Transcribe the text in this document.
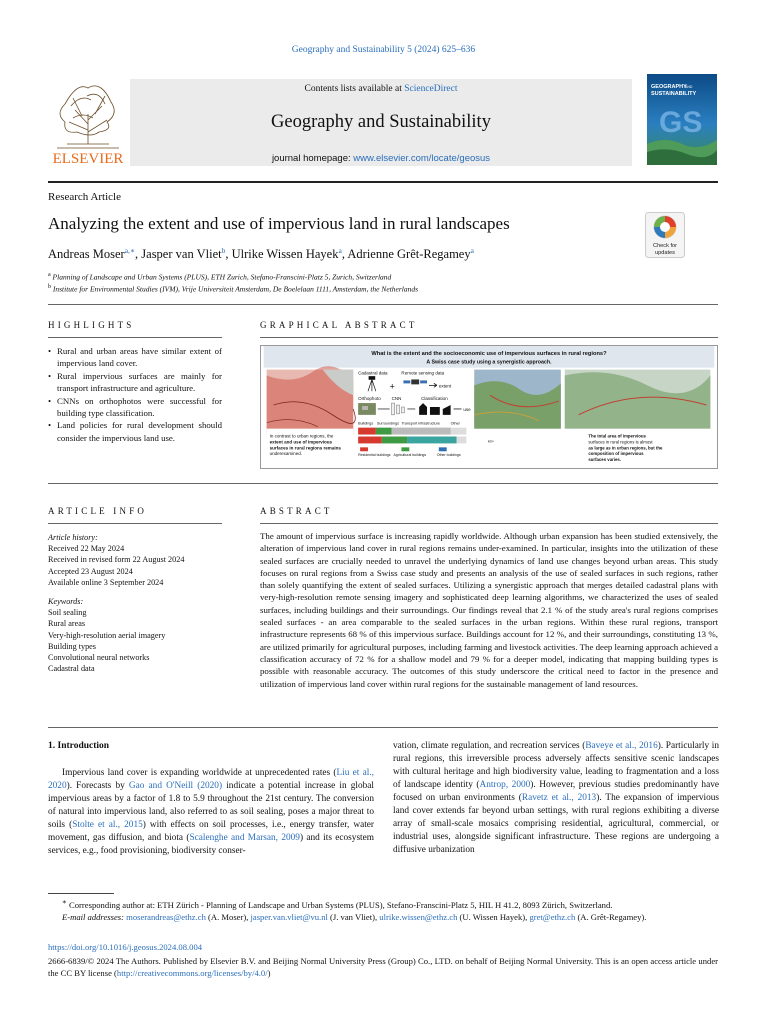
Geography and Sustainability 5 (2024) 625–636
Contents lists available at ScienceDirect
Geography and Sustainability
journal homepage: www.elsevier.com/locate/geosus
ELSEVIER
GEOGRAPHY
AND
SUSTAINABILITY
GS
Research Article
Analyzing the extent and use of impervious land in rural landscapes
Check for
updates
Andreas Moser$^{a,∗}$, Jasper van Vliet$^b$, Ulrike Wissen Hayek$^a$, Adrienne Grêt-Regamey$^a$
$^a$ Planning of Landscape and Urban Systems (PLUS), ETH Zurich, Stefano-Franscini-Platz 5, Zurich, Switzerland
$^b$ Institute for Environmental Studies (IVM), Vrije Universiteit Amsterdam, De Boelelaan 1111, Amsterdam, the Netherlands
HIGHLIGHTS
• Rural and urban areas have similar extent of impervious land cover.
• Rural impervious surfaces are mainly for transport infrastructure and agriculture.
• CNNs on orthophotos were successful for building type classification.
• Land policies for rural development should consider the impervious land use.
GRAPHICAL ABSTRACT
What is the extent and the socioeconomic use of impervious surfaces in rural regions?
A Swiss case study using a synergistic approach.
In contrast to urban regions, the extent and use of impervious surfaces in rural regions remains underexamined.
Cadastral data	Remote sensing data
+	extent
Orthophoto CNN	Classification
use
Buildings Surroundings Transport infrastructure	Other
Residential buildings Agricultural buildings	Other buildings
km²
The total area of impervious surfaces in rural regions is almost as large as in urban regions, but the composition of impervious surfaces varies.
ARTICLE INFO
Article history:
Received 22 May 2024
Received in revised form 22 August 2024
Accepted 23 August 2024
Available online 3 September 2024
Keywords:
Soil sealing
Rural areas
Very-high-resolution aerial imagery
Building types
Convolutional neural networks
Cadastral data
ABSTRACT
The amount of impervious surface is increasing rapidly worldwide. Although urban expansion has been studied extensively, the alteration of impervious land cover in rural regions remains under-examined. In particular, insights into the utilization of these sealed surfaces are crucially needed to unravel the underlying dynamics of land use changes beyond urban areas. This study focuses on rural regions from a Swiss case study and presents an analysis of the use of sealed surfaces in such regions, rather than solely quantifying the extent of sealed surfaces. Utilizing a synergistic approach that merges detailed cadastral plans with very-high-resolution remote sensing imagery and sophisticated deep learning algorithms, we characterized the uses of sealed surfaces, including buildings and their surroundings. Our findings reveal that 2.1 % of the study area's rural regions comprises sealed surfaces - an area comparable to the sealed surfaces in the urban regions. Within these rural regions, transport infrastructure represents 68 % of this impervious surface. Buildings account for 12 %, and their surroundings, constituting 13 %, are utilized primarily for agricultural purposes, including farming and livestock activities. The deep learning approach achieved a classification accuracy of 72 % for a shallow model and 79 % for a deeper model, indicating that mapping building types is possible with reasonable accuracy. The outcomes of this study underscore the critical need to factor in the presence and utilization of impervious land cover within rural regions for the sustainable management of land resources.
1. Introduction
Impervious land cover is expanding worldwide at unprecedented rates (Liu et al., 2020). Forecasts by Gao and O'Neill (2020) indicate a potential increase in global impervious areas by a factor of 1.8 to 5.9 throughout the 21st century. The conversion of natural into impervious land, also referred to as soil sealing, poses a major threat to soils (Stolte et al., 2015) with effects on soil processes, i.e., energy transfer, water movement, gas diffusion, and biota (Scalenghe and Marsan, 2009) and its ecosystem services, e.g., food provisioning, biodiversity conser-
vation, climate regulation, and recreation services (Baveye et al., 2016). Particularly in rural regions, this irreversible process adversely affects sensitive scenic landscapes with cultural heritage and high biodiversity value, leading to fragmentation and a loss of landscape identity (Antrop, 2000). However, previous studies predominantly have focused on urban environments (Ravetz et al., 2013). The expansion of impervious land cover extends far beyond urban settings, with rural regions exhibiting a diverse array of small-scale mosaics comprising residential, agricultural, commercial, or industrial uses, alongside significant infrastructure. These regions are undergoing a diffusive urbanization
∗ Corresponding author at: ETH Zürich - Planning of Landscape and Urban Systems (PLUS), Stefano-Franscini-Platz 5, HIL H 41.2, 8093 Zürich, Switzerland.
E-mail addresses: moserandreas@ethz.ch (A. Moser), jasper.van.vliet@vu.nl (J. van Vliet), ulrike.wissen@ethz.ch (U. Wissen Hayek), gret@ethz.ch (A. Grêt-Regamey).
https://doi.org/10.1016/j.geosus.2024.08.004
2666-6839/© 2024 The Authors. Published by Elsevier B.V. and Beijing Normal University Press (Group) Co., LTD. on behalf of Beijing Normal University. This is an open access article under the CC BY license (http://creativecommons.org/licenses/by/4.0/)
